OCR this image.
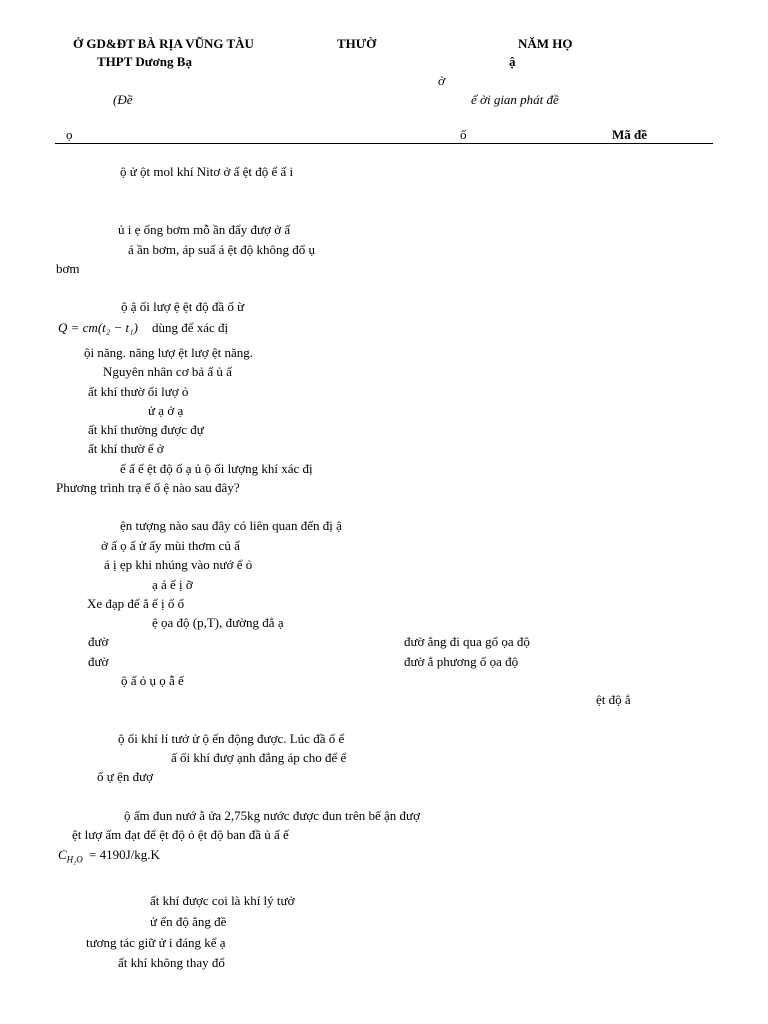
Ở GD&ĐT BÀ RỊA VŨNG TÀU	THƯỜ	NĂM HỌ
THPT Dương Bạ	ậ
ờ
(Đề	ể ời gian phát đề
ọ	ố	Mã đề
ộ ử ột mol khí Nitơ ở ấ ệt độ ể ấ i
ủ i ẹ ống bơm mỗ ần đẩy đượ ở ấ
á ần bơm, áp suấ á ệt độ không đổ ụ
bơm
ộ ậ ối lượ ệ ệt độ đầ ố ừ
Q = cm(t₂ − t₁) dùng để xác đị
ội năng. năng lượ ệt lượ ệt năng.
Nguyên nhân cơ bả ấ ủ ấ
ất khí thườ ối lượ ỏ
ử ạ ở ạ
ất khí thường được đự
ất khí thườ ể ở
ế ấ ế ệt độ ố ạ ủ ộ ối lượng khí xác đị
Phương trình trạ ế ố ệ nào sau đây?
ện tượng nào sau đây có liên quan đến đị ậ
ở ấ ọ ẩ ử ấy mùi thơm củ ẩ
á ị ẹp khi nhúng vào nướ ể ỏ
ạ á ể ị ỡ
Xe đạp để ắ ể ị ổ ố
ệ ọa độ (p,T), đường đẳ ạ
đườ	đườ ẳng đi qua gố ọa độ
đườ	đườ ẳ phương ố ọa độ
ộ ấ ỏ ụ ọ ẫ ế
ệt độ ẳ
ộ ối khí lí tưở ử ộ ển động được. Lúc đầ ố ể
ấ ối khí đượ ạnh đẳng áp cho để ể
ố ự ện đượ
ộ ấm đun nướ ằ ửa 2,75kg nước được đun trên bế ận đượ
ệt lượ ấm đạt để ệt độ ỏ ệt độ ban đầ ủ ấ ế
$C_{H_2O} = 4190J/kg.K$
ất khí được coi là khí lý tưở
ử ển độ ẳng đề
tương tác giữ ử i đáng kể ạ
ất khí không thay đổ
